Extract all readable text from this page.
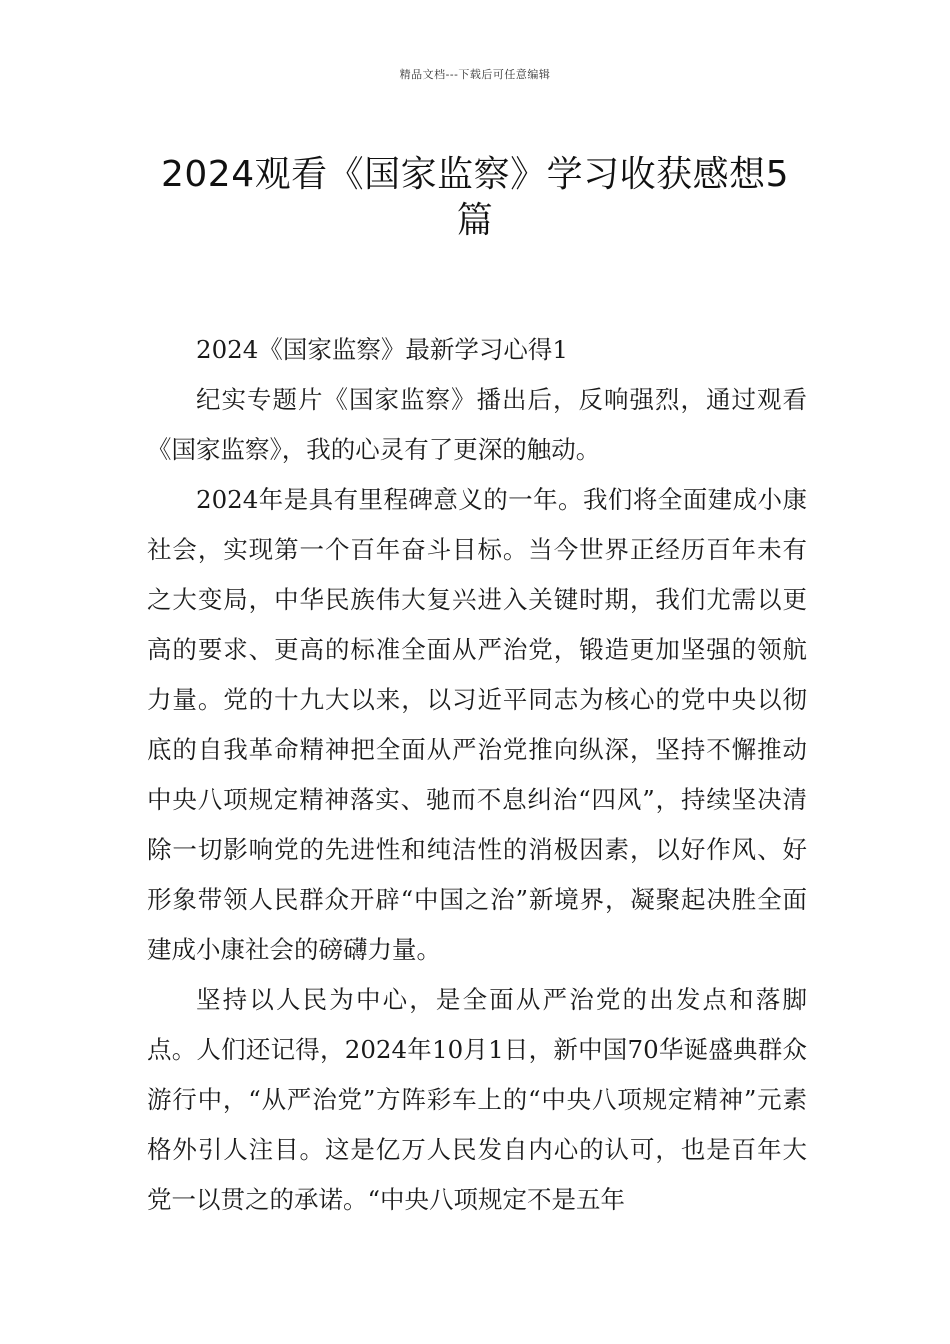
精品文档---下载后可任意编辑
2024观看《国家监察》学习收获感想5
篇

2024《国家监察》最新学习心得1

纪实专题片《国家监察》播出后，反响强烈，通过观看《国家监察》，我的心灵有了更深的触动。

2024年是具有里程碑意义的一年。我们将全面建成小康社会，实现第一个百年奋斗目标。当今世界正经历百年未有之大变局，中华民族伟大复兴进入关键时期，我们尤需以更高的要求、更高的标准全面从严治党，锻造更加坚强的领航力量。党的十九大以来，以习近平同志为核心的党中央以彻底的自我革命精神把全面从严治党推向纵深，坚持不懈推动中央八项规定精神落实、驰而不息纠治“四风”，持续坚决清除一切影响党的先进性和纯洁性的消极因素，以好作风、好形象带领人民群众开辟“中国之治”新境界，凝聚起决胜全面建成小康社会的磅礴力量。

坚持以人民为中心，是全面从严治党的出发点和落脚点。人们还记得，2024年10月1日，新中国70华诞盛典群众游行中，“从严治党”方阵彩车上的“中央八项规定精神”元素格外引人注目。这是亿万人民发自内心的认可，也是百年大党一以贯之的承诺。“中央八项规定不是五年
